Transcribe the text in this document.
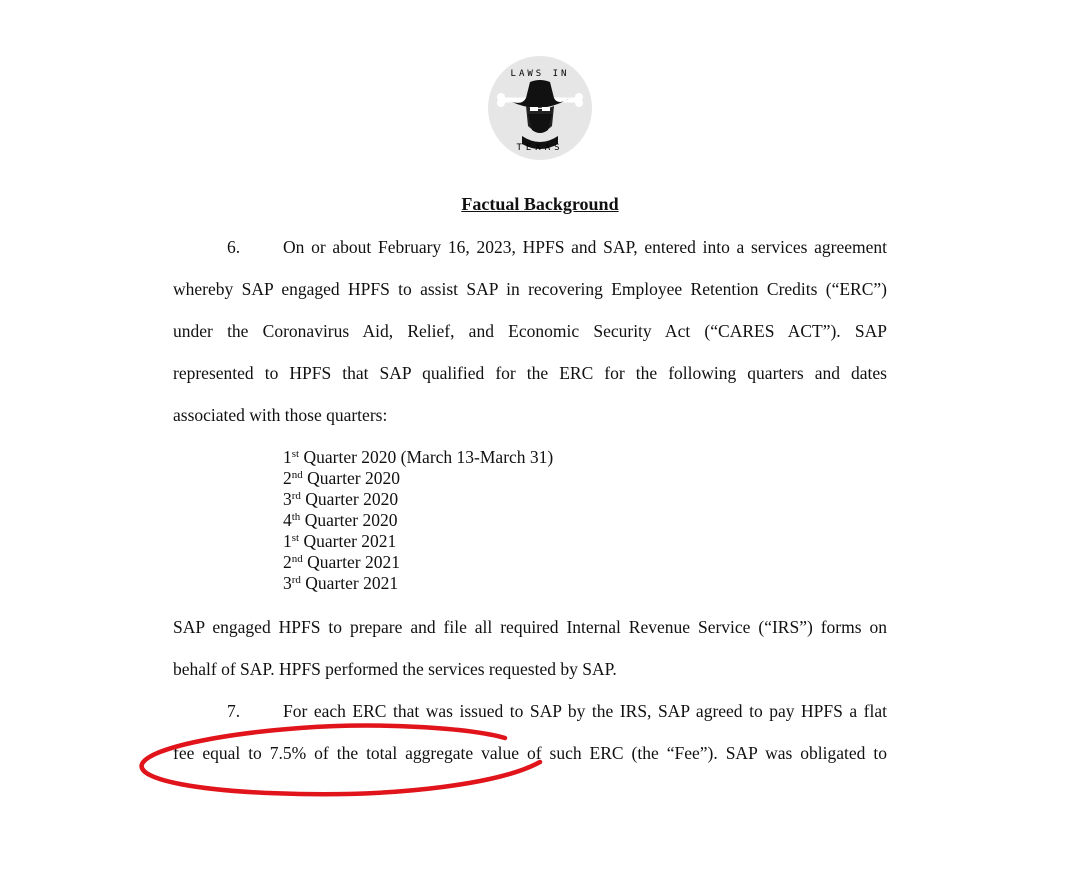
LAWS IN
TEXAS
Factual Background
6. On or about February 16, 2023, HPFS and SAP, entered into a services agreement
whereby SAP engaged HPFS to assist SAP in recovering Employee Retention Credits (“ERC”)
under the Coronavirus Aid, Relief, and Economic Security Act (“CARES ACT”). SAP
represented to HPFS that SAP qualified for the ERC for the following quarters and dates
associated with those quarters:
1st Quarter 2020 (March 13-March 31)
2nd Quarter 2020
3rd Quarter 2020
4th Quarter 2020
1st Quarter 2021
2nd Quarter 2021
3rd Quarter 2021
SAP engaged HPFS to prepare and file all required Internal Revenue Service (“IRS”) forms on
behalf of SAP. HPFS performed the services requested by SAP.
7. For each ERC that was issued to SAP by the IRS, SAP agreed to pay HPFS a flat
fee equal to 7.5% of the total aggregate value of such ERC (the “Fee”). SAP was obligated to
